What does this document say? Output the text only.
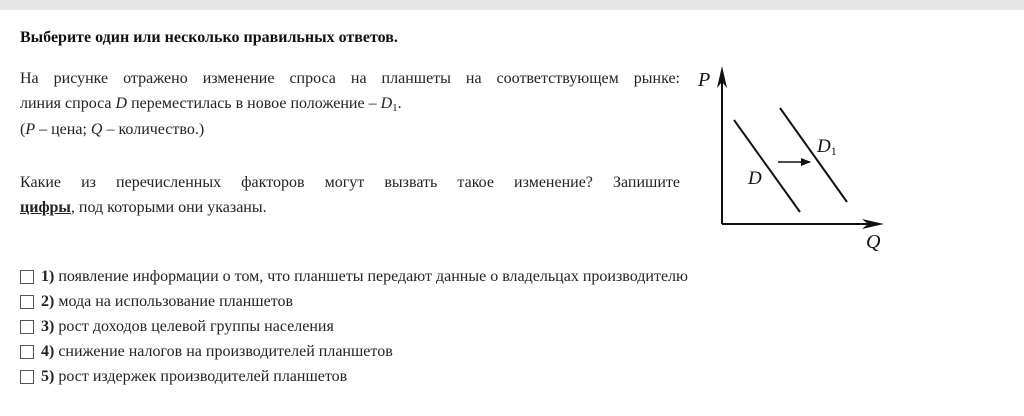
Выберите один или несколько правильных ответов.
На рисунке отражено изменение спроса на планшеты на соответствующем рынке:
линия спроса D переместилась в новое положение – $D_1$.
(P – цена; Q – количество.)
Какие из перечисленных факторов могут вызвать такое изменение? Запишите
цифры, под которыми они указаны.
P
Q
D
D1
1) появление информации о том, что планшеты передают данные о владельцах производителю
2) мода на использование планшетов
3) рост доходов целевой группы населения
4) снижение налогов на производителей планшетов
5) рост издержек производителей планшетов
